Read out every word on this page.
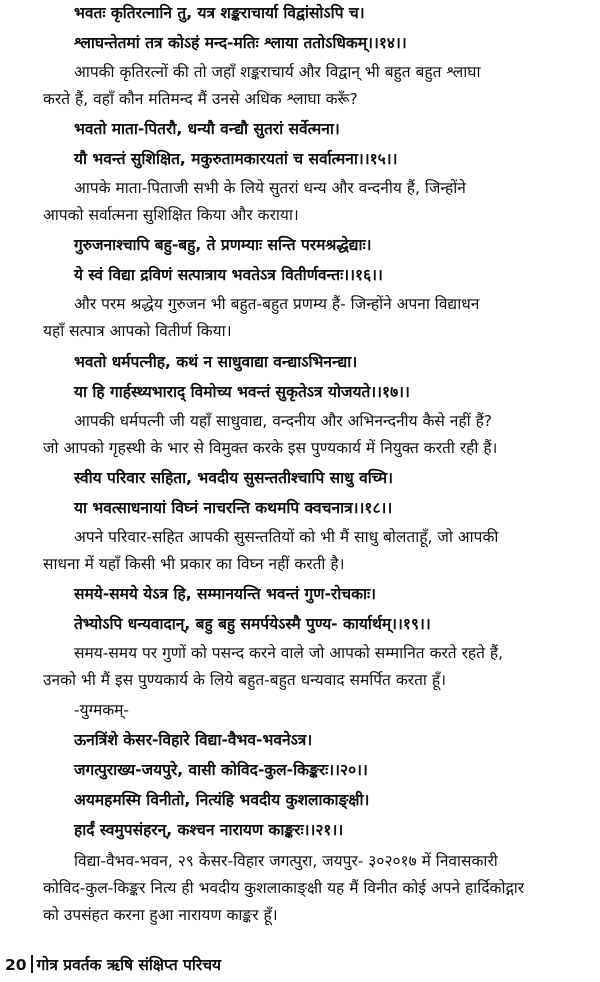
भवतः कृतिरत्नानि तु, यत्र शङ्कराचार्या विद्वांसोऽपि च।
श्लाघन्तेतमां तत्र कोऽहं मन्द-मतिः श्लाया ततोऽधिकम्।।१४।।
आपकी कृतिरत्नों की तो जहाँ शङ्कराचार्य और विद्वान् भी बहुत बहुत श्लाघा
करते हैं, वहाँ कौन मतिमन्द मैं उनसे अधिक श्लाघा करूँ?
भवतो माता-पितरौ, धन्यौ वन्द्यौ सुतरां सर्वेत्मना।
यौ भवन्तं सुशिक्षित, मकुरुतामकारयतां च सर्वात्मना।।१५।।
आपके माता-पिताजी सभी के लिये सुतरां धन्य और वन्दनीय हैं, जिन्होंने
आपको सर्वात्मना सुशिक्षित किया और कराया।
गुरुजनाश्चापि बहु-बहु, ते प्रणम्याः सन्ति परमश्रद्धेद्याः।
ये स्वं विद्या द्रविणं सत्पात्राय भवतेऽत्र वितीर्णवन्तः।।१६।।
और परम श्रद्धेय गुरुजन भी बहुत-बहुत प्रणम्य हैं- जिन्होंने अपना विद्याधन
यहाँ सत्पात्र आपको वितीर्ण किया।
भवतो धर्मपत्नीह, कथं न साधुवाद्या वन्द्याऽभिनन्द्या।
या हि गार्हस्थ्यभाराद् विमोच्य भवन्तं सुकृतेऽत्र योजयते।।१७।।
आपकी धर्मपत्नी जी यहाँ साधुवाद्य, वन्दनीय और अभिनन्दनीय कैसे नहीं हैं?
जो आपको गृहस्थी के भार से विमुक्त करके इस पुण्यकार्य में नियुक्त करती रही हैं।
स्वीय परिवार सहिता, भवदीय सुसन्ततीश्चापि साधु वच्मि।
या भवत्साधनायां विघ्नं नाचरन्ति कथमपि क्वचनात्र।।१८।।
अपने परिवार-सहित आपकी सुसन्ततियों को भी मैं साधु बोलताहूँ, जो आपकी
साधना में यहाँ किसी भी प्रकार का विघ्न नहीं करती है।
समये-समये येऽत्र हि, सम्मानयन्ति भवन्तं गुण-रोचकाः।
तेभ्योऽपि धन्यवादान्, बहु बहु समर्पयेऽस्मै पुण्य- कार्यार्थम्।।१९।।
समय-समय पर गुणों को पसन्द करने वाले जो आपको सम्मानित करते रहते हैं,
उनको भी मैं इस पुण्यकार्य के लिये बहुत-बहुत धन्यवाद समर्पित करता हूँ।
-युग्मकम्-
ऊनत्रिंशे केसर-विहारे विद्या-वैभव-भवनेऽत्र।
जगत्पुराख्य-जयपुरे, वासी कोविद-कुल-किङ्करः।।२०।।
अयमहमस्मि विनीतो, नित्यंहि भवदीय कुशलाकाङ्क्षी।
हार्दं स्वमुपसंहरन्, कश्चन नारायण काङ्करः।।२१।।
विद्या-वैभव-भवन, २९ केसर-विहार जगत्पुरा, जयपुर- ३०२०१७ में निवासकारी
कोविद-कुल-किङ्कर नित्य ही भवदीय कुशलाकाङ्क्षी यह मैं विनीत कोई अपने हार्दिकोद्गार
को उपसंहत करना हुआ नारायण काङ्कर हूँ।
20 गोत्र प्रवर्तक ऋषि संक्षिप्त परिचय
